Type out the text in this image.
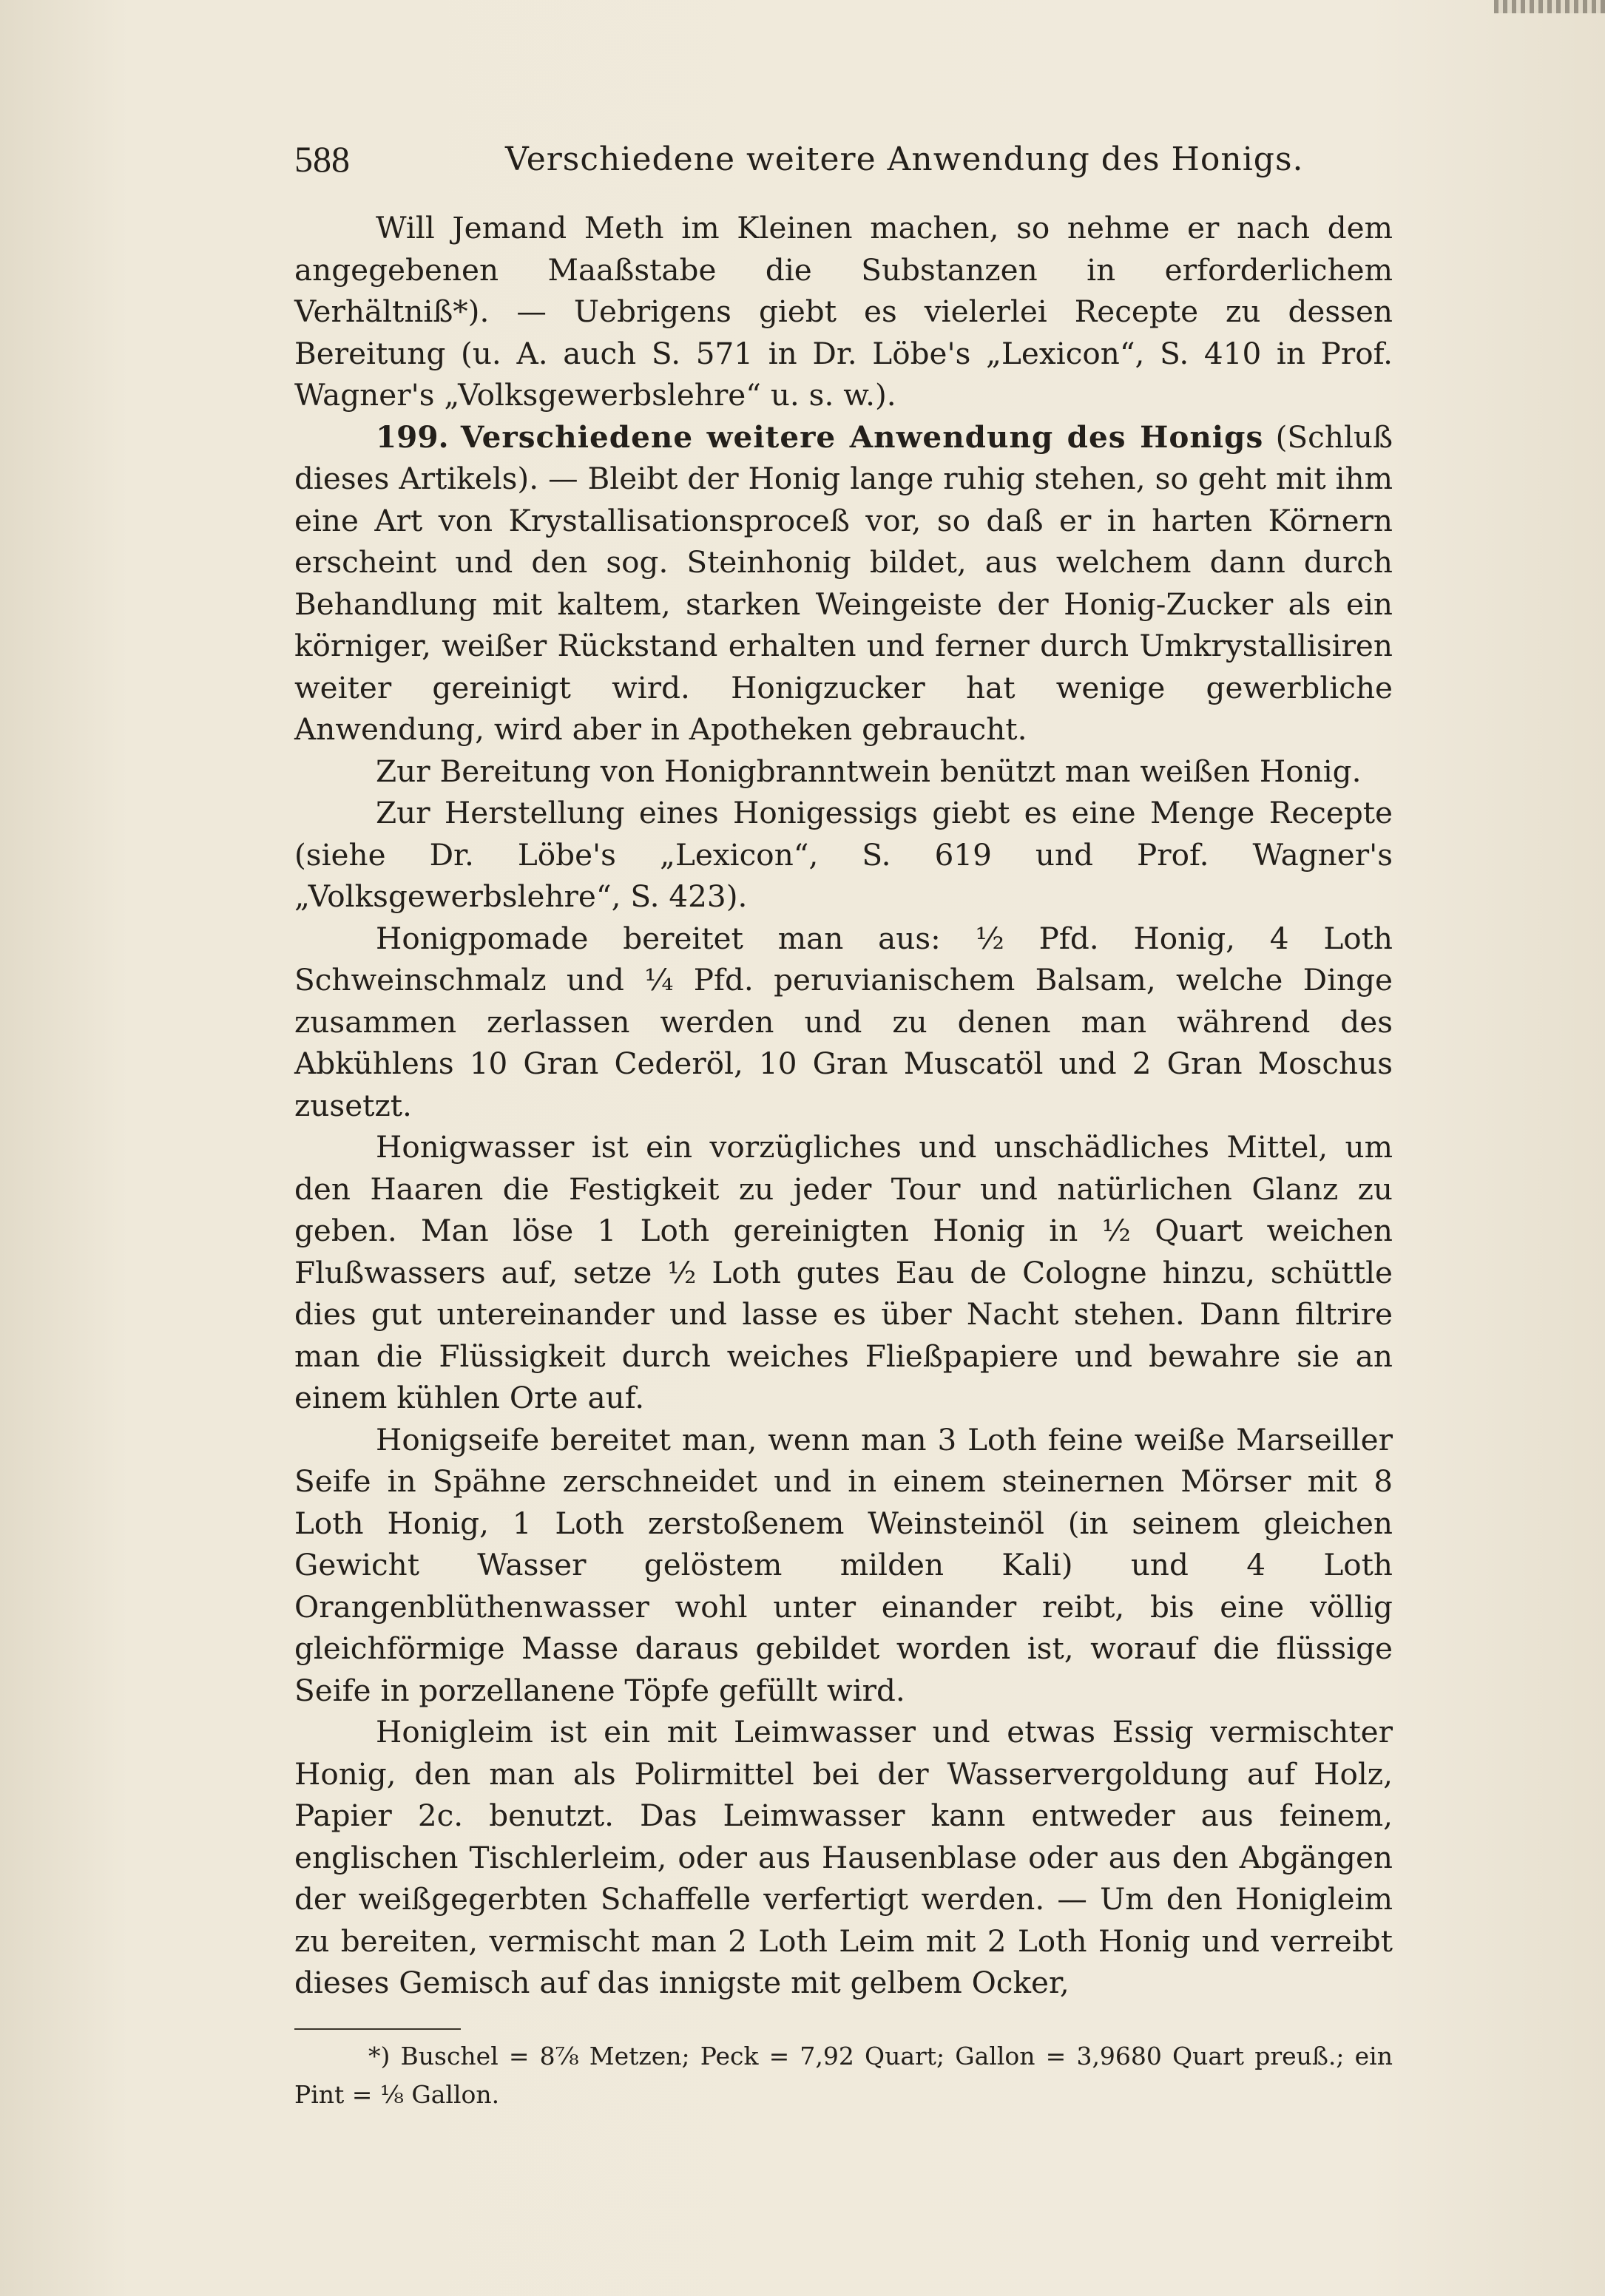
588	Verschiedene weitere Anwendung des Honigs.

Will Jemand Meth im Kleinen machen, so nehme er nach dem angegebenen Maaßstabe die Substanzen in erforderlichem Verhältniß*). — Uebrigens giebt es vielerlei Recepte zu dessen Bereitung (u. A. auch S. 571 in Dr. Löbe's „Lexicon“, S. 410 in Prof. Wagner's „Volksgewerbslehre“ u. s. w.).

199. Verschiedene weitere Anwendung des Honigs (Schluß dieses Artikels). — Bleibt der Honig lange ruhig stehen, so geht mit ihm eine Art von Krystallisationsproceß vor, so daß er in harten Körnern erscheint und den sog. Steinhonig bildet, aus welchem dann durch Behandlung mit kaltem, starken Weingeiste der Honig-Zucker als ein körniger, weißer Rückstand erhalten und ferner durch Umkrystallisiren weiter gereinigt wird. Honigzucker hat wenige gewerbliche Anwendung, wird aber in Apotheken gebraucht.

Zur Bereitung von Honigbranntwein benützt man weißen Honig.

Zur Herstellung eines Honigessigs giebt es eine Menge Recepte (siehe Dr. Löbe's „Lexicon“, S. 619 und Prof. Wagner's „Volksgewerbslehre“, S. 423).

Honigpomade bereitet man aus: ½ Pfd. Honig, 4 Loth Schweinschmalz und ¼ Pfd. peruvianischem Balsam, welche Dinge zusammen zerlassen werden und zu denen man während des Abkühlens 10 Gran Cederöl, 10 Gran Muscatöl und 2 Gran Moschus zusetzt.

Honigwasser ist ein vorzügliches und unschädliches Mittel, um den Haaren die Festigkeit zu jeder Tour und natürlichen Glanz zu geben. Man löse 1 Loth gereinigten Honig in ½ Quart weichen Flußwassers auf, setze ½ Loth gutes Eau de Cologne hinzu, schüttle dies gut untereinander und lasse es über Nacht stehen. Dann filtrire man die Flüssigkeit durch weiches Fließpapiere und bewahre sie an einem kühlen Orte auf.

Honigseife bereitet man, wenn man 3 Loth feine weiße Marseiller Seife in Spähne zerschneidet und in einem steinernen Mörser mit 8 Loth Honig, 1 Loth zerstoßenem Weinsteinöl (in seinem gleichen Gewicht Wasser gelöstem milden Kali) und 4 Loth Orangenblüthenwasser wohl unter einander reibt, bis eine völlig gleichförmige Masse daraus gebildet worden ist, worauf die flüssige Seife in porzellanene Töpfe gefüllt wird.

Honigleim ist ein mit Leimwasser und etwas Essig vermischter Honig, den man als Polirmittel bei der Wasservergoldung auf Holz, Papier 2c. benutzt. Das Leimwasser kann entweder aus feinem, englischen Tischlerleim, oder aus Hausenblase oder aus den Abgängen der weißgegerbten Schaffelle verfertigt werden. — Um den Honigleim zu bereiten, vermischt man 2 Loth Leim mit 2 Loth Honig und verreibt dieses Gemisch auf das innigste mit gelbem Ocker,

*) Buschel = 8⅞ Metzen; Peck = 7,92 Quart; Gallon = 3,9680 Quart preuß.; ein Pint = ⅛ Gallon.
